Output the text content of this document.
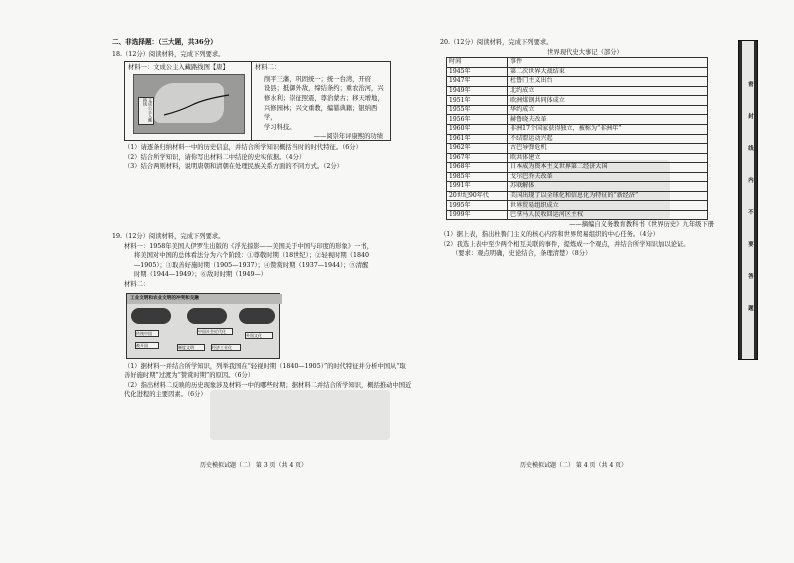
二、非选择题：（三大题，共36分）
18.（12分）阅读材料，完成下列要求。
材料一：文成公主入藏路线图【唐】
文成公主入藏路线
材料二：
削平三藩，巩固统一；统一台湾，开府
设县；抵御外敌，缔结条约；重农治河，兴
修水利；崇征照震，尊治蒙古；移天增地，
兴修园林；兴文重教，编纂典籍；银纳西学，
学习科技。
——阅崇年评康熙的功绩
（1）请逐条归纳材料一中的历史信息，并结合所学知识概括当时的时代特征。（6分）
（2）结合所学知识，请你写出材料二中结论的史实依据。（4分）
（3）结合两则材料，说明唐朝和清朝在处理民族关系方面的不同方式。（2分）
19.（12分）阅读材料，完成下列要求。
材料一：1958年美国人伊罗生出版的《浮光掠影——美国关于中国与印度的形象》一书，
将美国对中国的总体看法分为六个阶段：①尊敬时期（18世纪）；②轻视时期（1840
—1905）；③取善好施时期（1905—1937）；④赞赏时期（1937—1944）；⑤清醒
时期（1944—1949）；⑥敌对时期（1949—）
材料二：
工业文明和农业文明的冲突和交融
中国社会近代化
传统中国	外国文化
被开国	制度文明	经济工业化
（1）据材料一并结合所学知识，列举我国在“轻视时期（1840—1905）”的时代特征并分析中国从“取善好施时期”过渡为“赞赏时期”的原因。（6分）
（2）指出材料二反映的历史现象涉及材料一中的哪些时期；据材料二并结合所学知识，概括推动中国近代化进程的主要因素。（6分）
历史模拟试题（二） 第 3 页（共 4 页）
20.（12分）阅读材料，完成下列要求。
世界现代史大事记（部分）
时间	事件
1945年	第二次世界大战结束
1947年	杜鲁门主义出台
1949年	北约成立
1951年	欧洲煤钢共同体成立
1955年	华约成立
1956年	赫鲁晓夫改革
1960年	非洲17个国家获得独立，被称为“非洲年”
1961年	不结盟运动兴起
1962年	古巴导弹危机
1967年	欧共体建立
1968年	日本成为资本主义世界第二经济大国
1985年	戈尔巴乔夫改革
1991年	苏联解体
20世纪90年代	美国出现了以全球化和信息化为特征的“新经济”
1995年	世界贸易组织成立
1999年	巴拿马人民收回运河区主权
——摘编自义务教育教科书《世界历史》九年级下册
（1）据上表，指出杜鲁门主义的核心内容和世界贸易组织的中心任务。（4分）
（2）我选上表中至少两个相互关联的事件，提炼成一个观点，并结合所学知识加以论证。
（要求：观点明确，史论结合，条理清楚）（8分）
历史模拟试题（二） 第 4 页（共 4 页）
密
封
线
内
不
要
答
题
